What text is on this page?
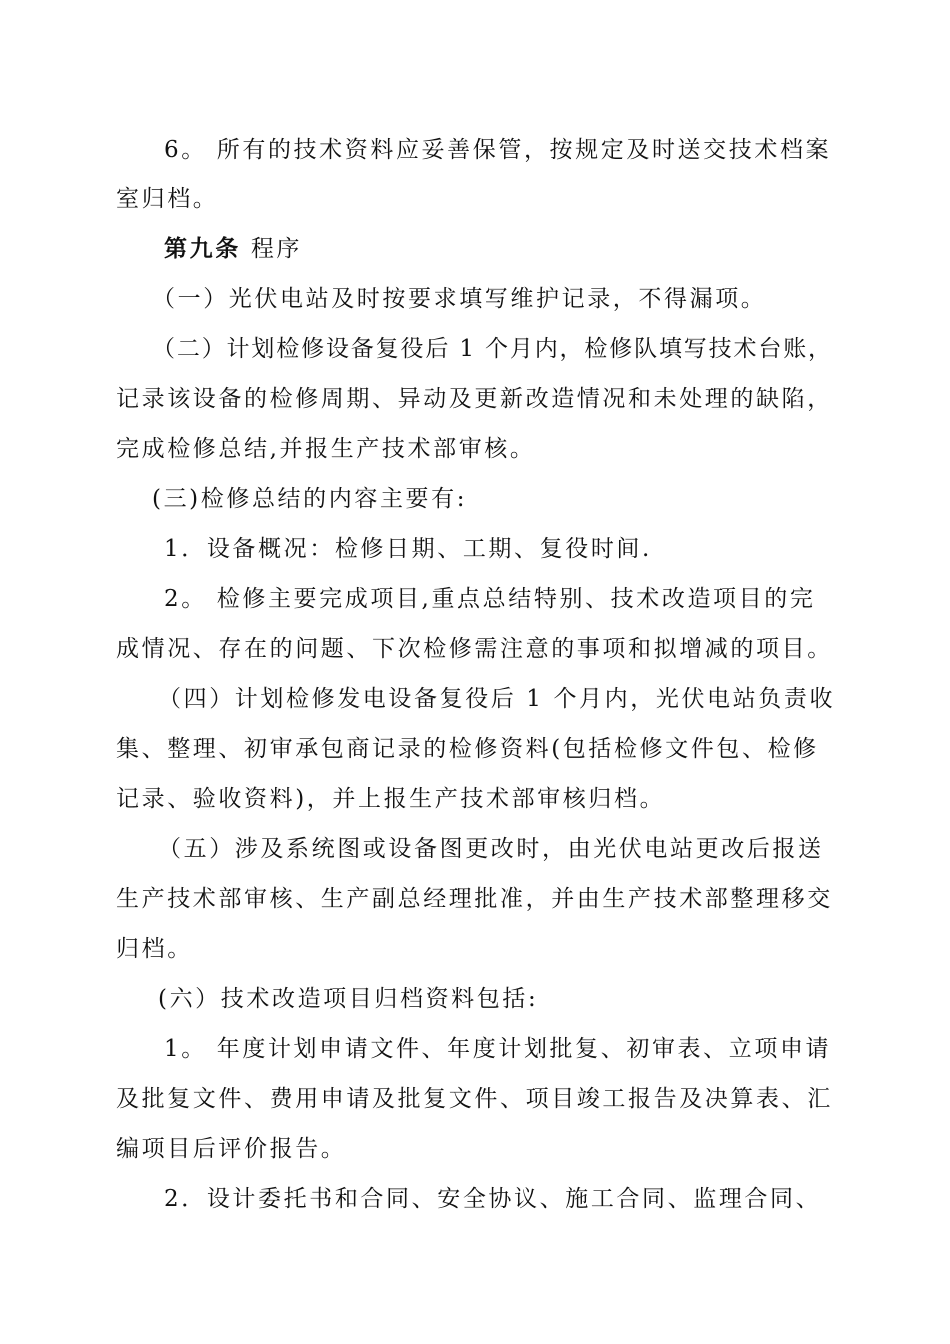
6。 所有的技术资料应妥善保管，按规定及时送交技术档案
室归档。
第九条 程序
（一）光伏电站及时按要求填写维护记录，不得漏项。
（二）计划检修设备复役后 1 个月内，检修队填写技术台账，
记录该设备的检修周期、异动及更新改造情况和未处理的缺陷，
完成检修总结,并报生产技术部审核。
(三)检修总结的内容主要有:
1．设备概况：检修日期、工期、复役时间.
2。 检修主要完成项目,重点总结特别、技术改造项目的完
成情况、存在的问题、下次检修需注意的事项和拟增减的项目。
（四）计划检修发电设备复役后 1 个月内，光伏电站负责收
集、整理、初审承包商记录的检修资料(包括检修文件包、检修
记录、验收资料)，并上报生产技术部审核归档。
（五）涉及系统图或设备图更改时，由光伏电站更改后报送
生产技术部审核、生产副总经理批准，并由生产技术部整理移交
归档。
(六）技术改造项目归档资料包括:
1。 年度计划申请文件、年度计划批复、初审表、立项申请
及批复文件、费用申请及批复文件、项目竣工报告及决算表、汇
编项目后评价报告。
2．设计委托书和合同、安全协议、施工合同、监理合同、
